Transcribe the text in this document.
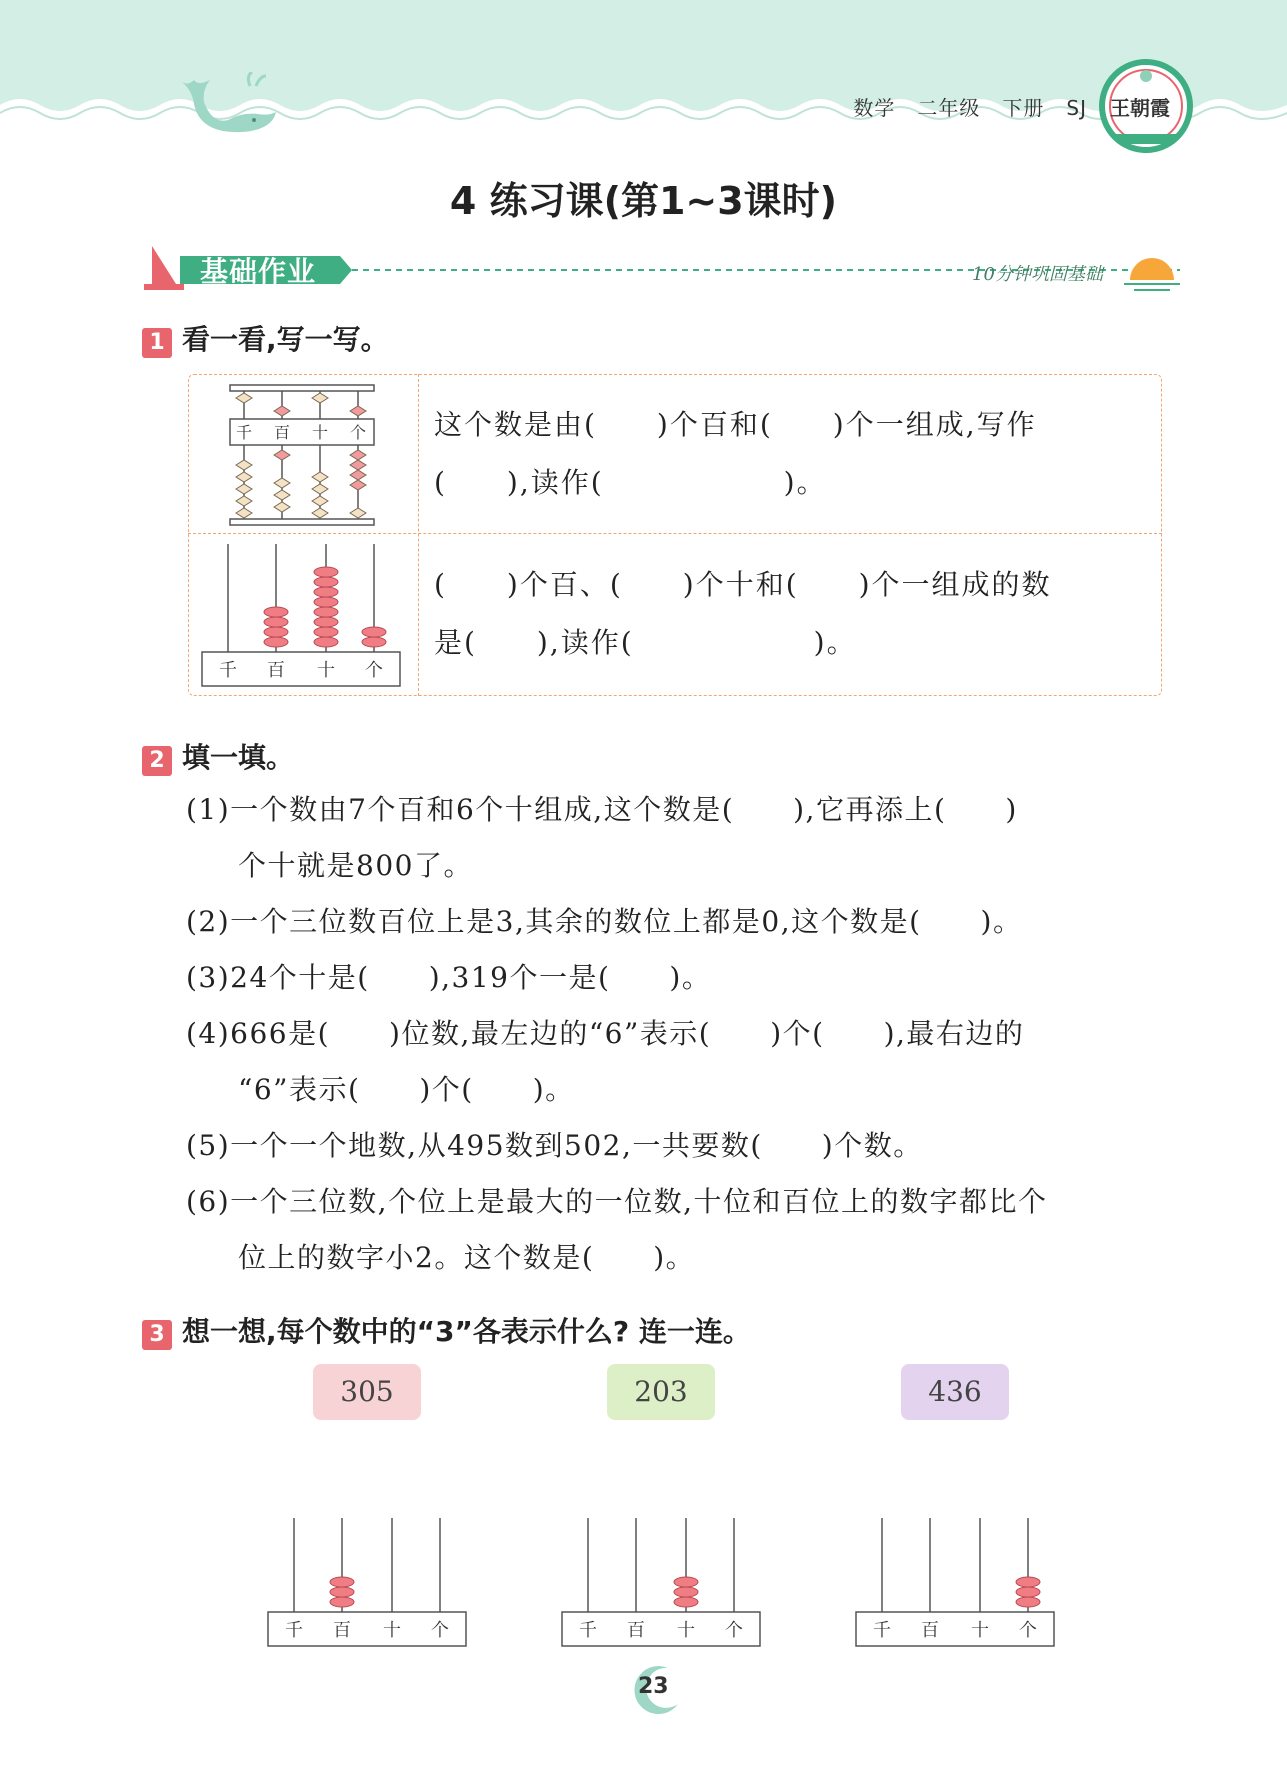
数学 二年级 下册 SJ 王朝霞
4 练习课(第1~3课时)
基础作业	10分钟巩固基础
1 看一看,写一写。
千 百 十 个 这个数是由(　　)个百和(　　)个一组成,写作
(　　),读作(　　　　　　)。
千 百 十 个
(　　)个百、(　　)个十和(　　)个一组成的数
是(　　),读作(　　　　　　)。
2 填一填。
(1)一个数由7个百和6个十组成,这个数是(　　),它再添上(　　)
个十就是800了。
(2)一个三位数百位上是3,其余的数位上都是0,这个数是(　　)。
(3)24个十是(　　),319个一是(　　)。
(4)666是(　　)位数,最左边的“6”表示(　　)个(　　),最右边的
“6”表示(　　)个(　　)。
(5)一个一个地数,从495数到502,一共要数(　　)个数。
(6)一个三位数,个位上是最大的一位数,十位和百位上的数字都比个
位上的数字小2。这个数是(　　)。
3 想一想,每个数中的“3”各表示什么? 连一连。
305	203	436
千 百 十 个	千 百 十 个	千 百 十 个
23
